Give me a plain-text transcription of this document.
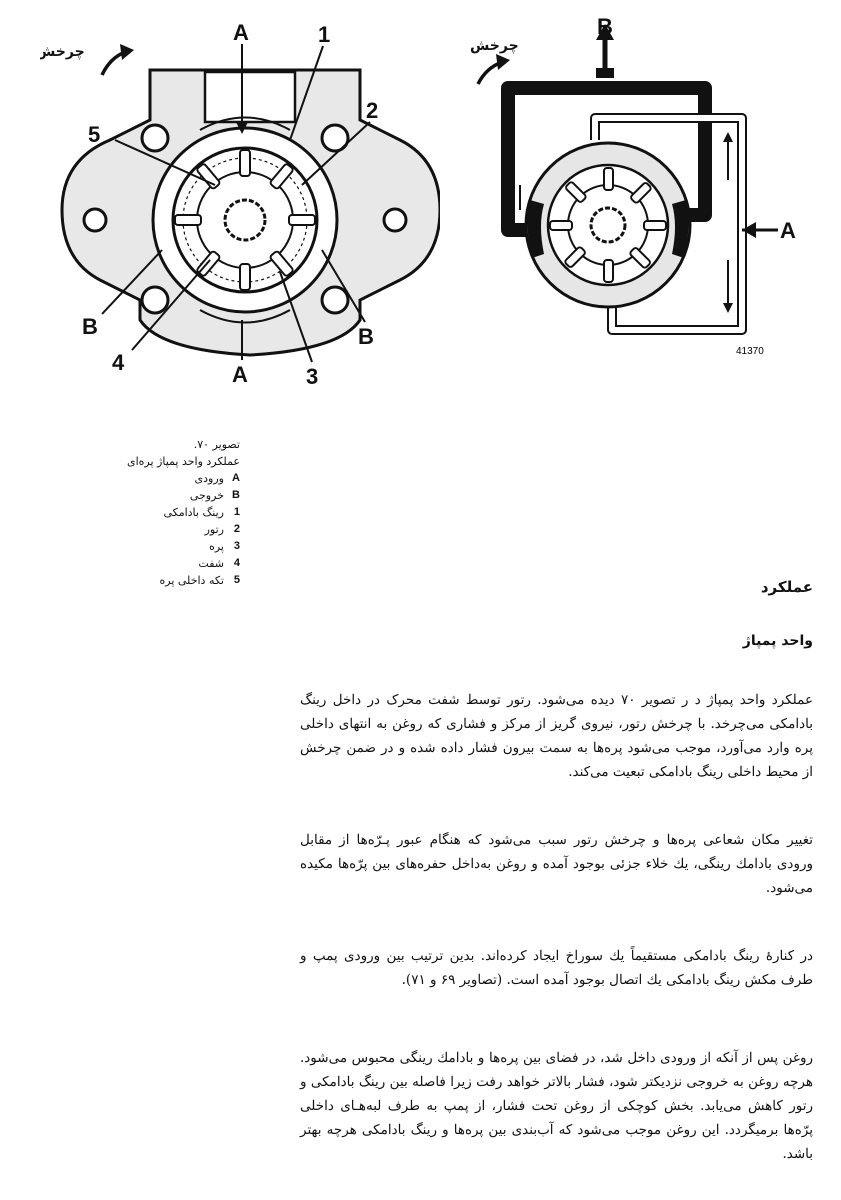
A	1
2
5
B	B
4	A	3
چرخش
B
A
چرخش
41370
تصویر ۷۰.
عملکرد واحد پمپاژ پره‌ای
A
ورودی
B
خروجی
1
رینگ بادامکی
2
رتور
3
پره
4
شفت
5
تکه داخلی پره	عملکرد
واحد پمپاژ
عملکرد واحد پمپاژ د ر تصویر ۷۰ دیده می‌شود. رتور توسط شفت محرک در داخل رینگ بادامکی می‌چرخد. با چرخش رتور، نیروی گریز از مرکز و فشاری که روغن به انتهای داخلی پره وارد می‌آورد، موجب می‌شود پره‌ها به سمت بیرون فشار داده شده و در ضمن چرخش از محیط داخلی رینگ بادامکی تبعیت می‌کند.
تغییر مکان شعاعی پره‌ها و چرخش رتور سبب می‌شود که هنگام عبور پـرّه‌ها از مقابل ورودی بادامك رینگی، یك خلاء جزئی بوجود آمده و روغن به‌داخل حفره‌های بین پرّه‌ها مکیده می‌شود.
در کنارهٔ رینگ بادامکی مستقیماً یك سوراخ ایجاد کرده‌اند. بدین ترتیب بین ورودی پمپ و طرف مکش رینگ بادامکی یك اتصال بوجود آمده است. (تصاویر ۶۹ و ۷۱).
روغن پس از آنکه از ورودی داخل شد، در فضای بین پره‌ها و بادامك رینگی محبوس می‌شود. هرچه روغن به خروجی نزدیکتر شود، فشار بالاتر خواهد رفت زیرا فاصله بین رینگ بادامکی و رتور کاهش می‌یابد. بخش کوچکی از روغن تحت فشار، از پمپ به طرف لبه‌هـای داخلی پرّه‌ها برمیگردد. این روغن موجب می‌شود که آب‌بندی بین پره‌ها و رینگ بادامکی هرچه بهتر باشد.
